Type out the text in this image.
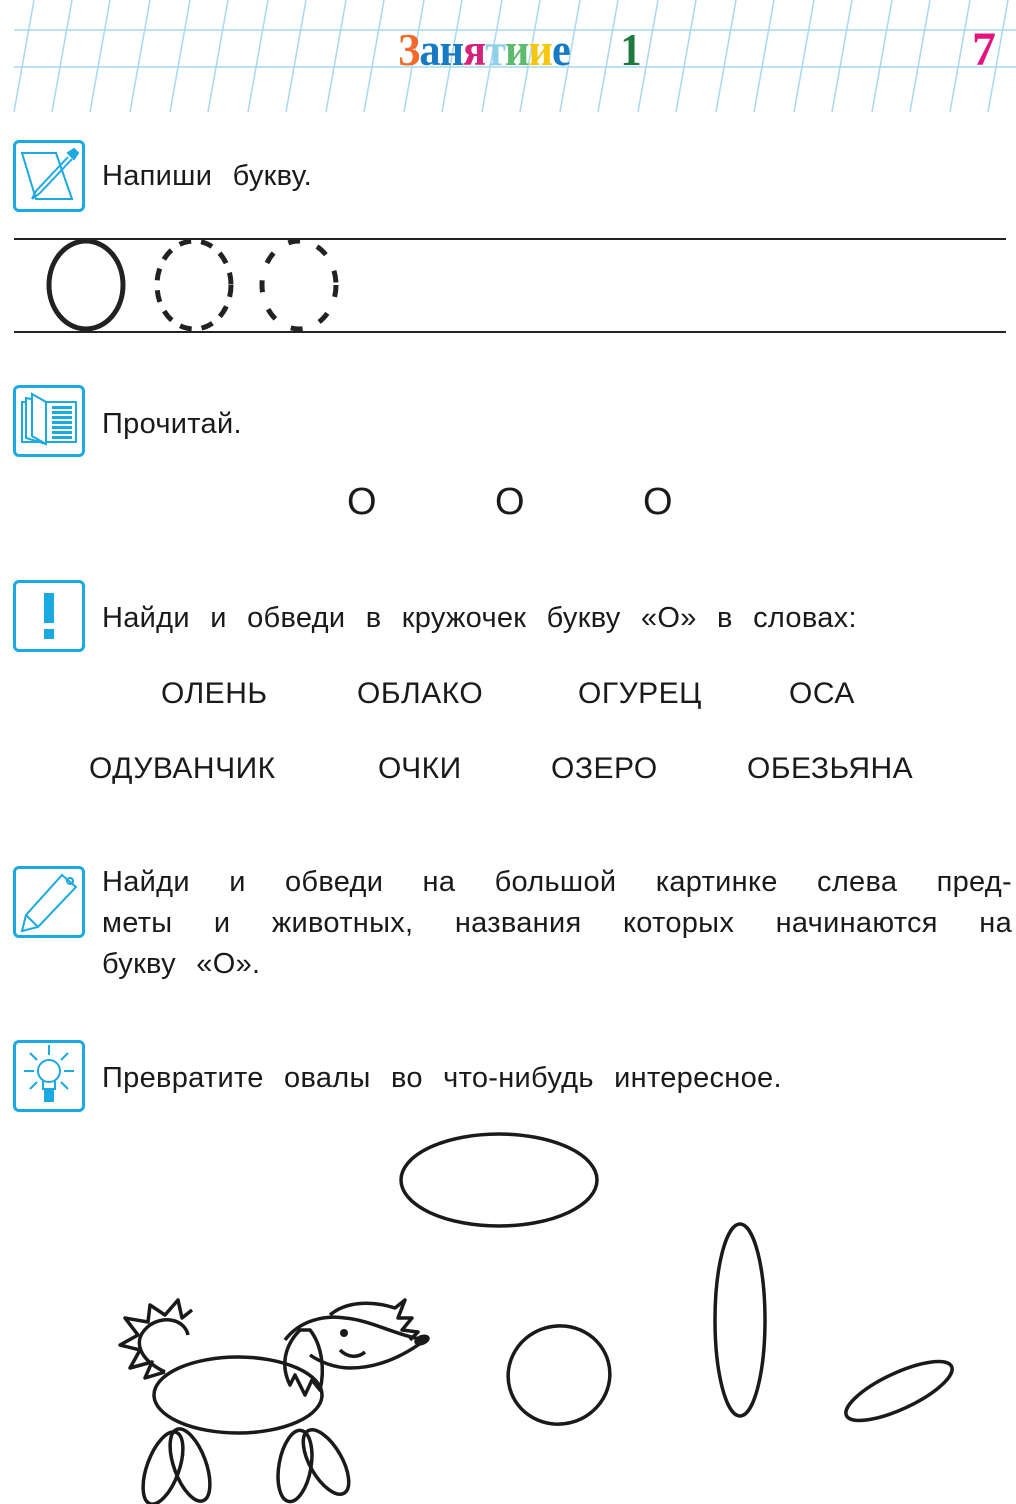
Занятиие 1	7
Напиши букву.
Прочитай.
О	О	О
Найди и обведи в кружочек букву «О» в словах:
ОЛЕНЬ	ОБЛАКО	ОГУРЕЦ	ОСА
ОДУВАНЧИК	ОЧКИ	ОЗЕРО	ОБЕЗЬЯНА
Найди и обведи на большой картинке слева пред-
меты и животных, названия которых начинаются на
букву «О».
Превратите овалы во что-нибудь интересное.
